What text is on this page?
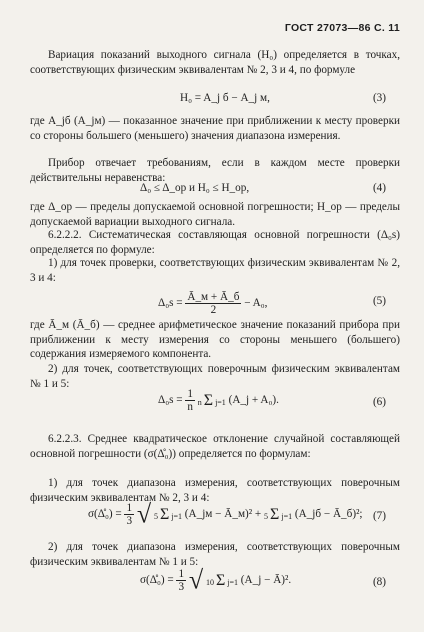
ГОСТ 27073—86 С. 11
Вариация показаний выходного сигнала (H₀) определяется в точках, соответствующих физическим эквивалентам № 2, 3 и 4, по формуле
H₀ = A_j б − A_j м,	(3)
где A_jб (A_jм) — показанное значение при приближении к месту проверки со стороны большего (меньшего) значения диапазона измерения.
Прибор отвечает требованиям, если в каждом месте проверки действительны неравенства:
Δ₀ ≤ Δ_ор и H₀ ≤ H_ор,	(4)
где Δ_ор — пределы допускаемой основной погрешности; H_ор — пределы допускаемой вариации выходного сигнала.
6.2.2.2. Систематическая составляющая основной погрешности (Δ₀s) определяется по формуле:
1) для точек проверки, соответствующих физическим эквивалентам № 2, 3 и 4:
$\Delta_0s = \frac{Ā\_м + Ā\_б}{2} - A_0$,	(5)
где Ā_м (Ā_б) — среднее арифметическое значение показаний прибора при приближении к месту измерения со стороны меньшего (большего) содержания измеряемого компонента.
2) для точек, соответствующих поверочным физическим эквивалентам № 1 и 5:
$\Delta_0s = \frac{1}{n}$ n Σ j=1 (A_j + A₀).	(6)
6.2.2.3. Среднее квадратическое отклонение случайной составляющей основной погрешности (σ(Δ̊₀)) определяется по формулам:
1) для точек диапазона измерения, соответствующих поверочным физическим эквивалентам № 2, 3 и 4:
σ(Δ̊₀) = $\frac{1}{3}$ √ 5 Σ j=1 (A_jм − Ā_м)² + 5 Σ j=1 (A_jб − Ā_б)²; (7)
2) для точек диапазона измерения, соответствующих поверочным физическим эквивалентам № 1 и 5:
σ(Δ̊₀) = $\frac{1}{3}$ √ 10 Σ j=1 (A_j − Ā)².	(8)
